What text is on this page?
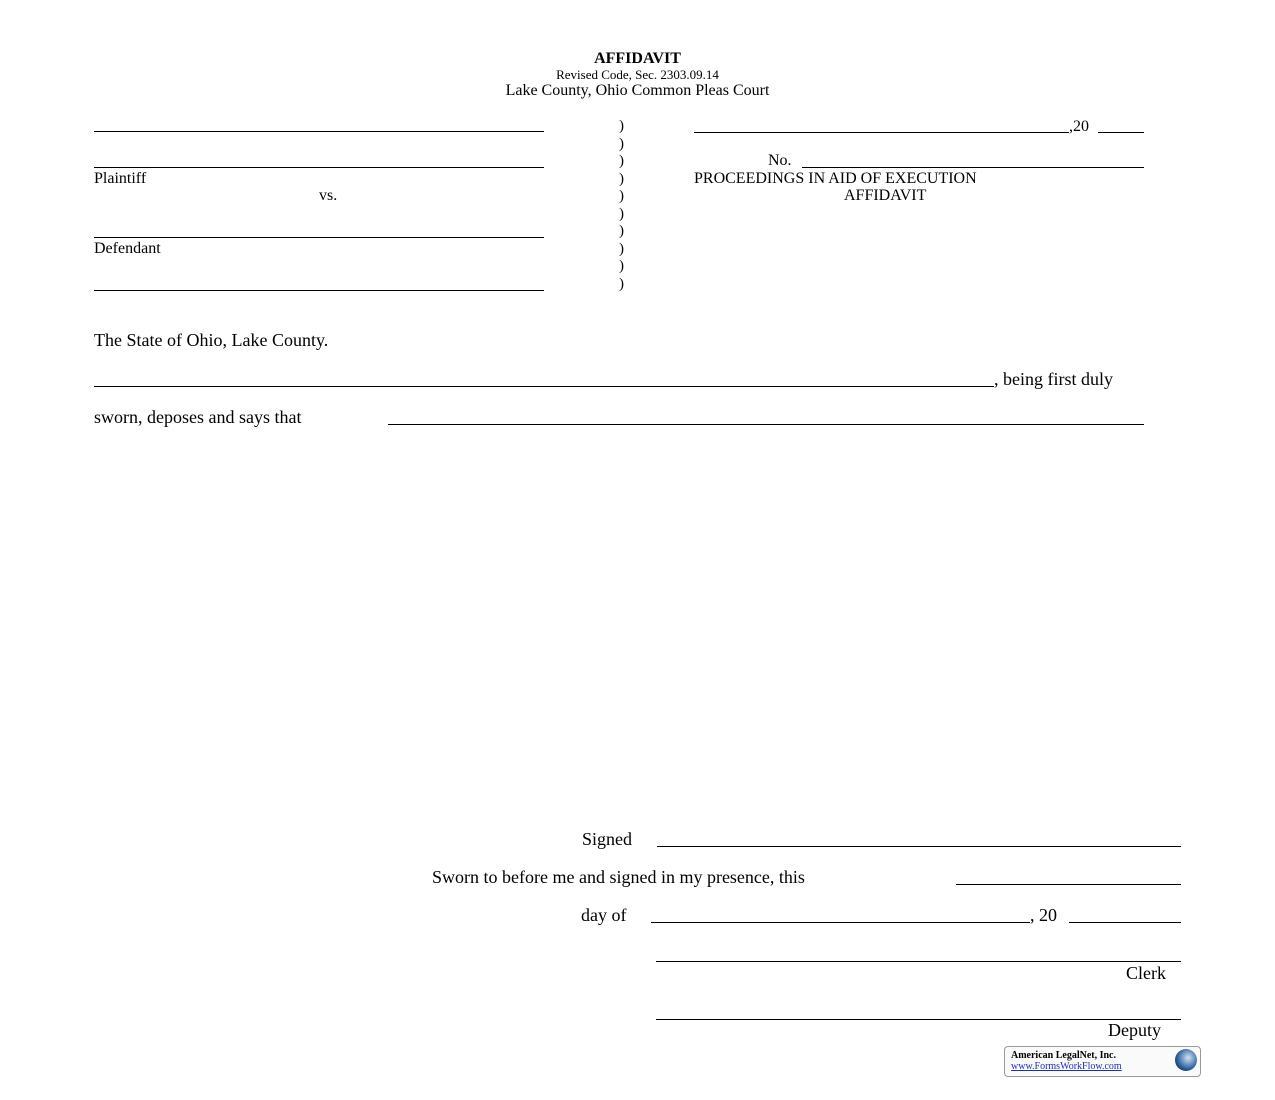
AFFIDAVIT
Revised Code, Sec. 2303.09.14
Lake County, Ohio Common Pleas Court
Plaintiff
vs.
Defendant
)
)
)
)
)
)
)
)
)
)
,20
No.
PROCEEDINGS IN AID OF EXECUTION
AFFIDAVIT
The State of Ohio, Lake County.
, being first duly
sworn, deposes and says that
Signed
Sworn to before me and signed in my presence, this
day of	, 20
Clerk
Deputy
American LegalNet, Inc.
www.FormsWorkFlow.com
